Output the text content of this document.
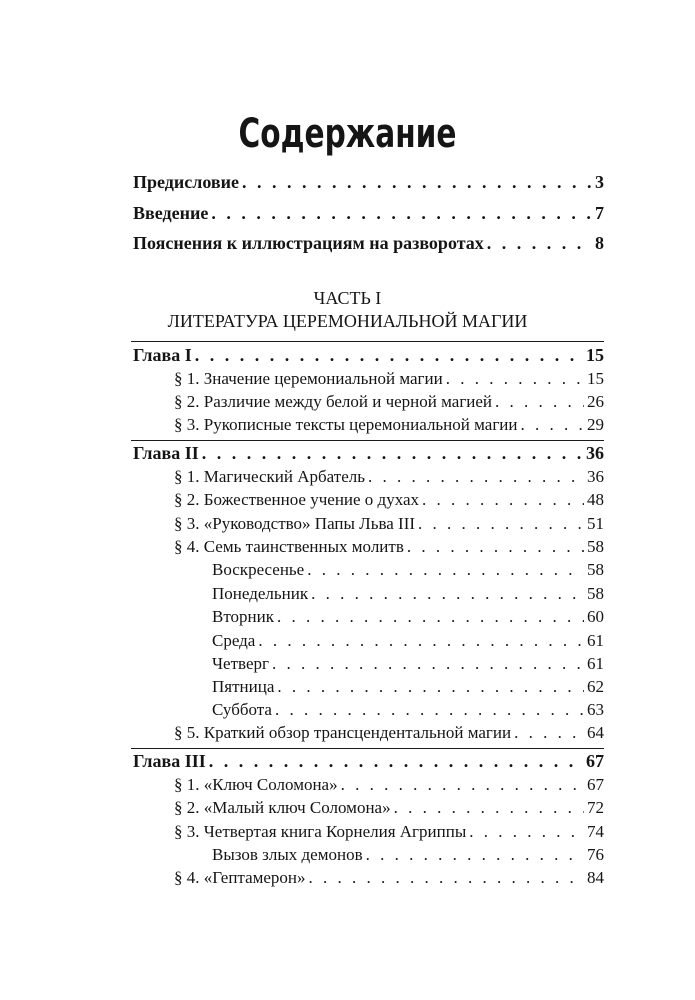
Содержание
Предисловие . . .	3
Введение . . .	7
Пояснения к иллюстрациям на разворотах . . .	8
ЧАСТЬ I
ЛИТЕРАТУРА ЦЕРЕМОНИАЛЬНОЙ МАГИИ
Глава I . . .	15
§ 1. Значение церемониальной магии . . .	15
§ 2. Различие между белой и черной магией . . .	26
§ 3. Рукописные тексты церемониальной магии . . .	29
Глава II . . .	36
§ 1. Магический Арбатель . . .	36
§ 2. Божественное учение о духах . . .	48
§ 3. «Руководство» Папы Льва III . . .	51
§ 4. Семь таинственных молитв . . .	58
Воскресенье . . .	58
Понедельник . . .	58
Вторник . . .	60
Среда . . .	61
Четверг . . .	61
Пятница . . .	62
Суббота . . .	63
§ 5. Краткий обзор трансцендентальной магии . . .	64
Глава III . . .	67
§ 1. «Ключ Соломона» . . .	67
§ 2. «Малый ключ Соломона» . . .	72
§ 3. Четвертая книга Корнелия Агриппы . . .	74
Вызов злых демонов . . .	76
§ 4. «Гептамерон» . . .	84
